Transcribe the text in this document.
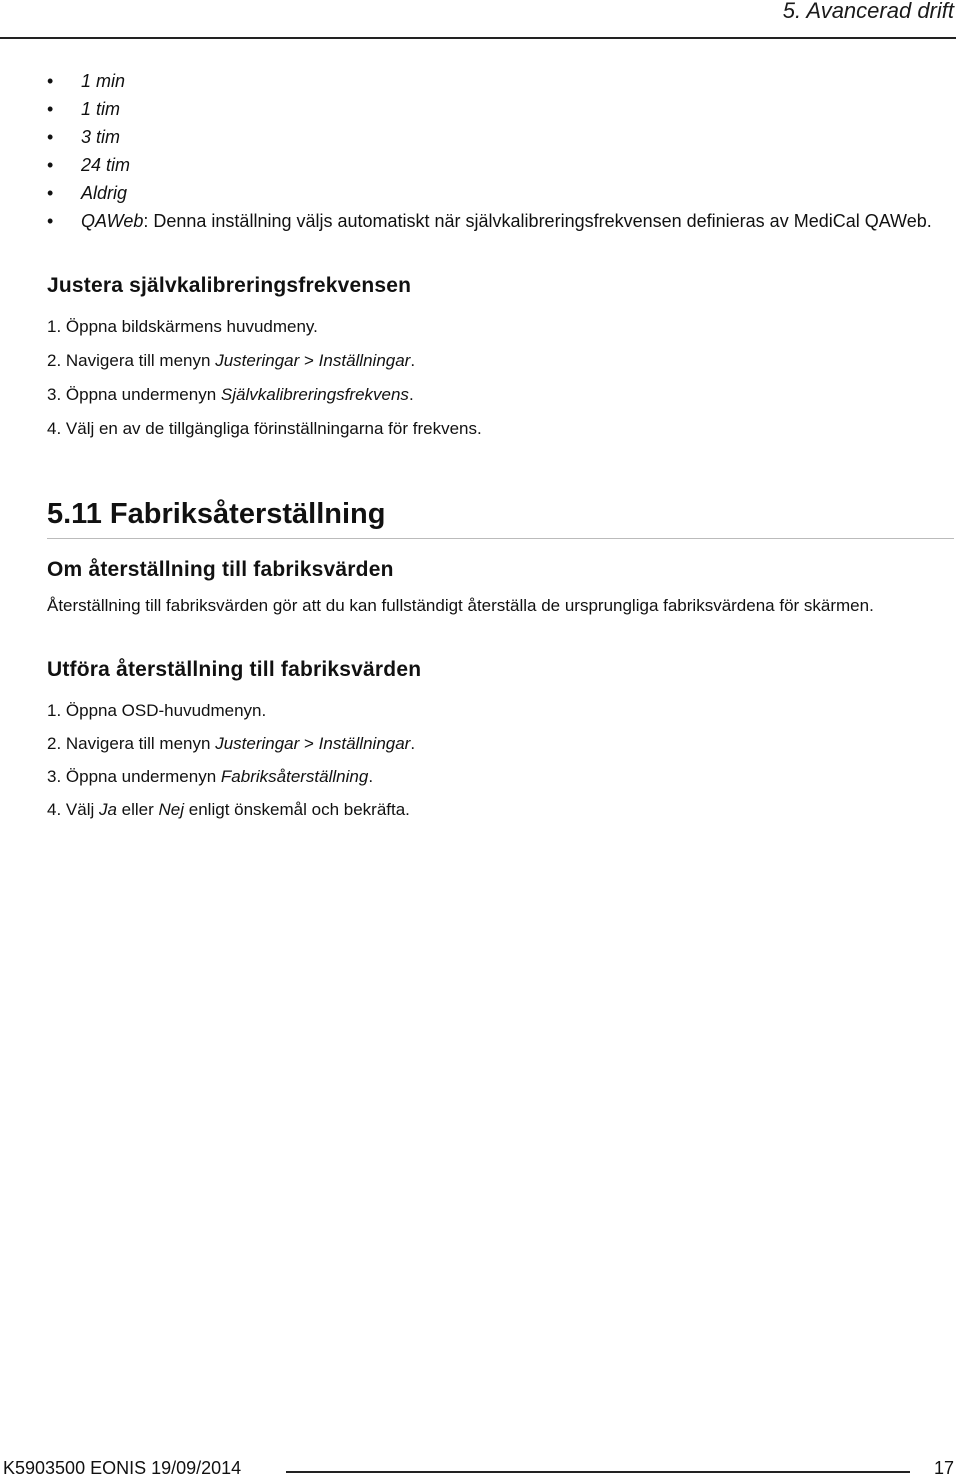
5. Avancerad drift
• 1 min
• 1 tim
• 3 tim
• 24 tim
• Aldrig
• QAWeb: Denna inställning väljs automatiskt när självkalibreringsfrekvensen definieras av MediCal QAWeb.
Justera självkalibreringsfrekvensen
1. Öppna bildskärmens huvudmeny.
2. Navigera till menyn Justeringar > Inställningar.
3. Öppna undermenyn Självkalibreringsfrekvens.
4. Välj en av de tillgängliga förinställningarna för frekvens.
5.11 Fabriksåterställning
Om återställning till fabriksvärden
Återställning till fabriksvärden gör att du kan fullständigt återställa de ursprungliga fabriksvärdena för skärmen.
Utföra återställning till fabriksvärden
1. Öppna OSD-huvudmenyn.
2. Navigera till menyn Justeringar > Inställningar.
3. Öppna undermenyn Fabriksåterställning.
4. Välj Ja eller Nej enligt önskemål och bekräfta.
K5903500 EONIS 19/09/2014	17
